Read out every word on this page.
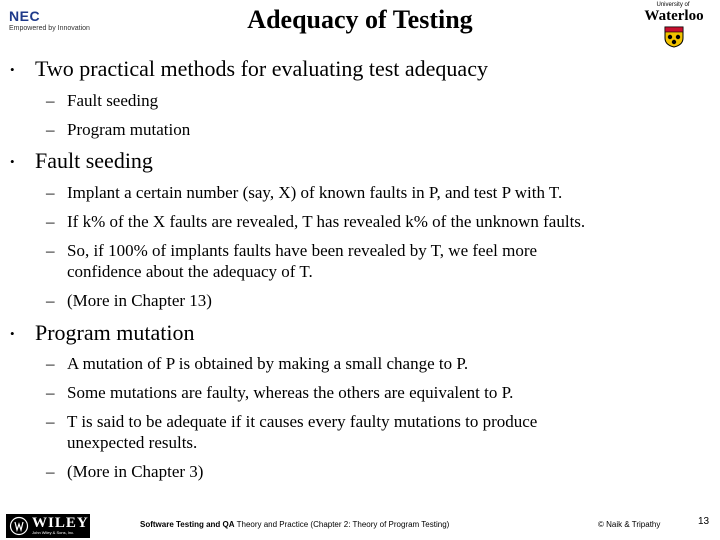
NEC
Empowered by Innovation	Adequacy of Testing	University of
Waterloo
• Two practical methods for evaluating test adequacy
– Fault seeding
– Program mutation
• Fault seeding
– Implant a certain number (say, X) of known faults in P, and test P with T.
– If k% of the X faults are revealed, T has revealed k% of the unknown faults.
– So, if 100% of implants faults have been revealed by T, we feel more
confidence about the adequacy of T.
– (More in Chapter 13)
• Program mutation
– A mutation of P is obtained by making a small change to P.
– Some mutations are faulty, whereas the others are equivalent to P.
– T is said to be adequate if it causes every faulty mutations to produce
unexpected results.
– (More in Chapter 3)
WILEY
John Wiley & Sons, Inc.
Software Testing and QA Theory and Practice (Chapter 2: Theory of Program Testing)	© Naik & Tripathy	13
